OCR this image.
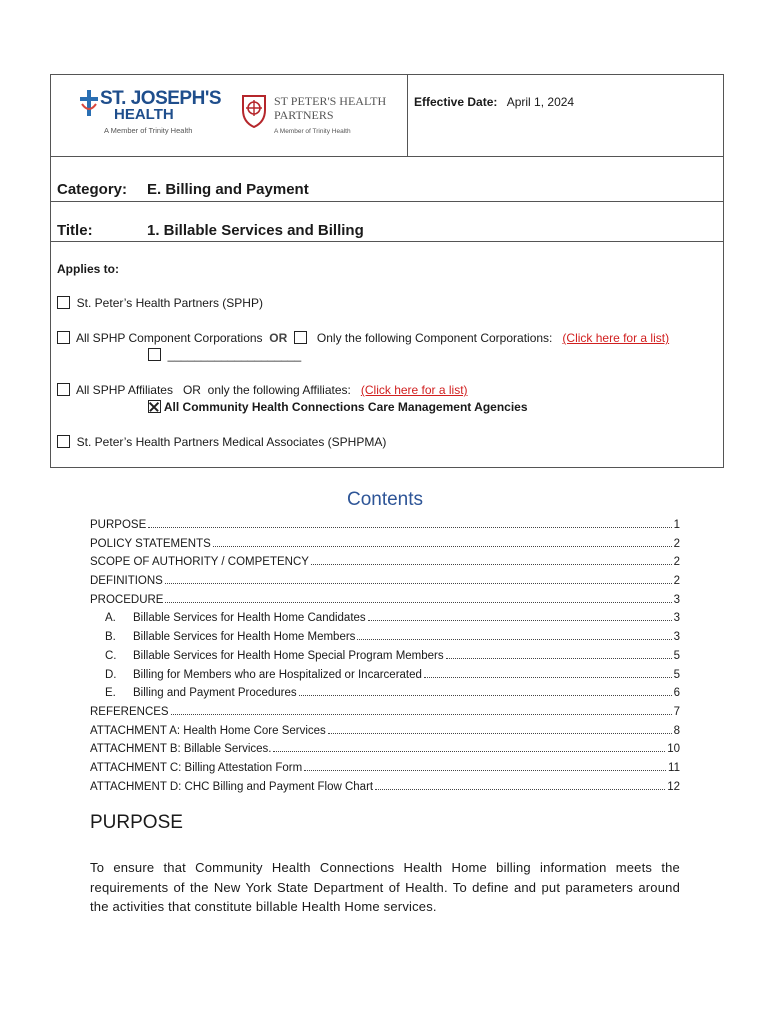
ST. JOSEPH'S
HEALTH
A Member of Trinity Health
ST PETER'S HEALTH
PARTNERS
A Member of Trinity Health
Effective Date: April 1, 2024
Category: E. Billing and Payment
Title:	1. Billable Services and Billing
Applies to:
St. Peter’s Health Partners (SPHP)
All SPHP Component Corporations OR Only the following Component Corporations: (Click here for a list)
____________________
All SPHP Affiliates OR only the following Affiliates: (Click here for a list)
All Community Health Connections Care Management Agencies
St. Peter’s Health Partners Medical Associates (SPHPMA)
Contents
PURPOSE	1
POLICY STATEMENTS	2
SCOPE OF AUTHORITY / COMPETENCY	2
DEFINITIONS	2
PROCEDURE	3
A.	Billable Services for Health Home Candidates	3
B.	Billable Services for Health Home Members	3
C.	Billable Services for Health Home Special Program Members	5
D.	Billing for Members who are Hospitalized or Incarcerated	5
E.	Billing and Payment Procedures	6
REFERENCES	7
ATTACHMENT A: Health Home Core Services	8
ATTACHMENT B: Billable Services.	10
ATTACHMENT C: Billing Attestation Form	11
ATTACHMENT D: CHC Billing and Payment Flow Chart	12
PURPOSE
To ensure that Community Health Connections Health Home billing information meets the requirements of the New York State Department of Health. To define and put parameters around the activities that constitute billable Health Home services.
